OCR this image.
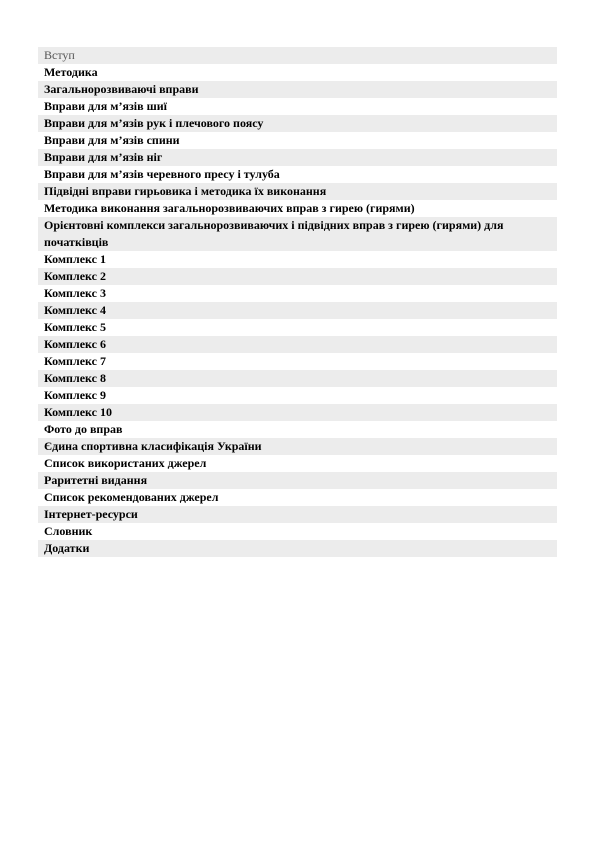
Вступ
Методика
Загальнорозвиваючі вправи
Вправи для м’язів шиї
Вправи для м’язів рук і плечового поясу
Вправи для м’язів спини
Вправи для м’язів ніг
Вправи для м’язів черевного пресу і тулуба
Підвідні вправи гирьовика і методика їх виконання
Методика виконання загальнорозвиваючих вправ з гирею (гирями)
Орієнтовні комплекси загальнорозвиваючих і підвідних вправ з гирею (гирями) для початківців
Комплекс 1
Комплекс 2
Комплекс 3
Комплекс 4
Комплекс 5
Комплекс 6
Комплекс 7
Комплекс 8
Комплекс 9
Комплекс 10
Фото до вправ
Єдина спортивна класифікація України
Список використаних джерел
Раритетні видання
Список рекомендованих джерел
Інтернет-ресурси
Словник
Додатки
